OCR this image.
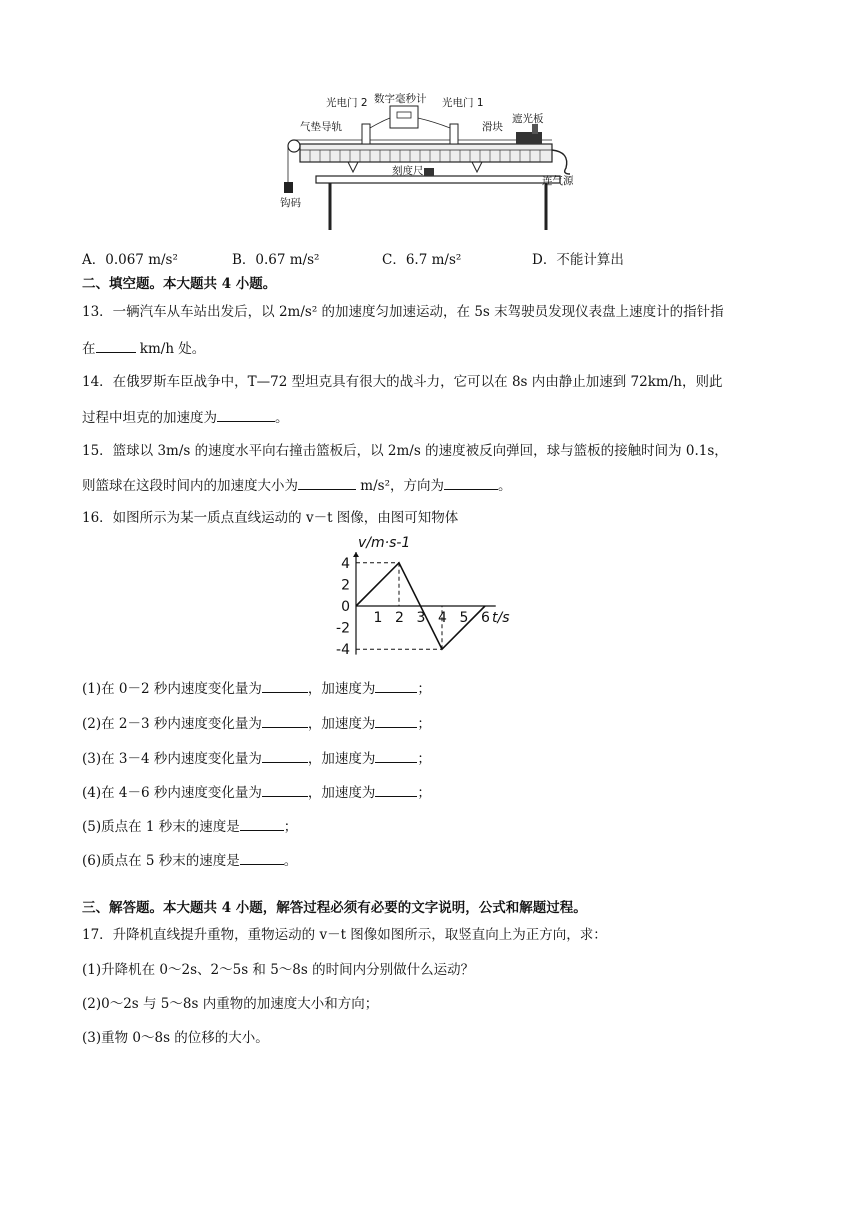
光电门 2 数字毫秒计 光电门 1
气垫导轨	滑块
遮光板
刻度尺
连气源
钩码
A．0.067 m/s²	B．0.67 m/s²	C．6.7 m/s²	D．不能计算出
二、填空题。本大题共 4 小题。
13．一辆汽车从车站出发后，以 2m/s² 的加速度匀加速运动，在 5s 末驾驶员发现仪表盘上速度计的指针指
在	km/h 处。
14．在俄罗斯车臣战争中，T—72 型坦克具有很大的战斗力，它可以在 8s 内由静止加速到 72km/h，则此
过程中坦克的加速度为	。
15．篮球以 3m/s 的速度水平向右撞击篮板后，以 2m/s 的速度被反向弹回，球与篮板的接触时间为 0.1s，
则篮球在这段时间内的加速度大小为	m/s²，方向为	。
16．如图所示为某一质点直线运动的 v－t 图像，由图可知物体
v/m·s-1
t/s
1 2 3 4 5 6
4
2
0
-2
-4
(1)在 0－2 秒内速度变化量为	，加速度为	；
(2)在 2－3 秒内速度变化量为	，加速度为	；
(3)在 3－4 秒内速度变化量为	，加速度为	；
(4)在 4－6 秒内速度变化量为	，加速度为	；
(5)质点在 1 秒末的速度是	；
(6)质点在 5 秒末的速度是	。
三、解答题。本大题共 4 小题，解答过程必须有必要的文字说明，公式和解题过程。
17．升降机直线提升重物，重物运动的 v－t 图像如图所示，取竖直向上为正方向，求：
(1)升降机在 0～2s、2～5s 和 5～8s 的时间内分别做什么运动？
(2)0～2s 与 5～8s 内重物的加速度大小和方向；
(3)重物 0～8s 的位移的大小。
